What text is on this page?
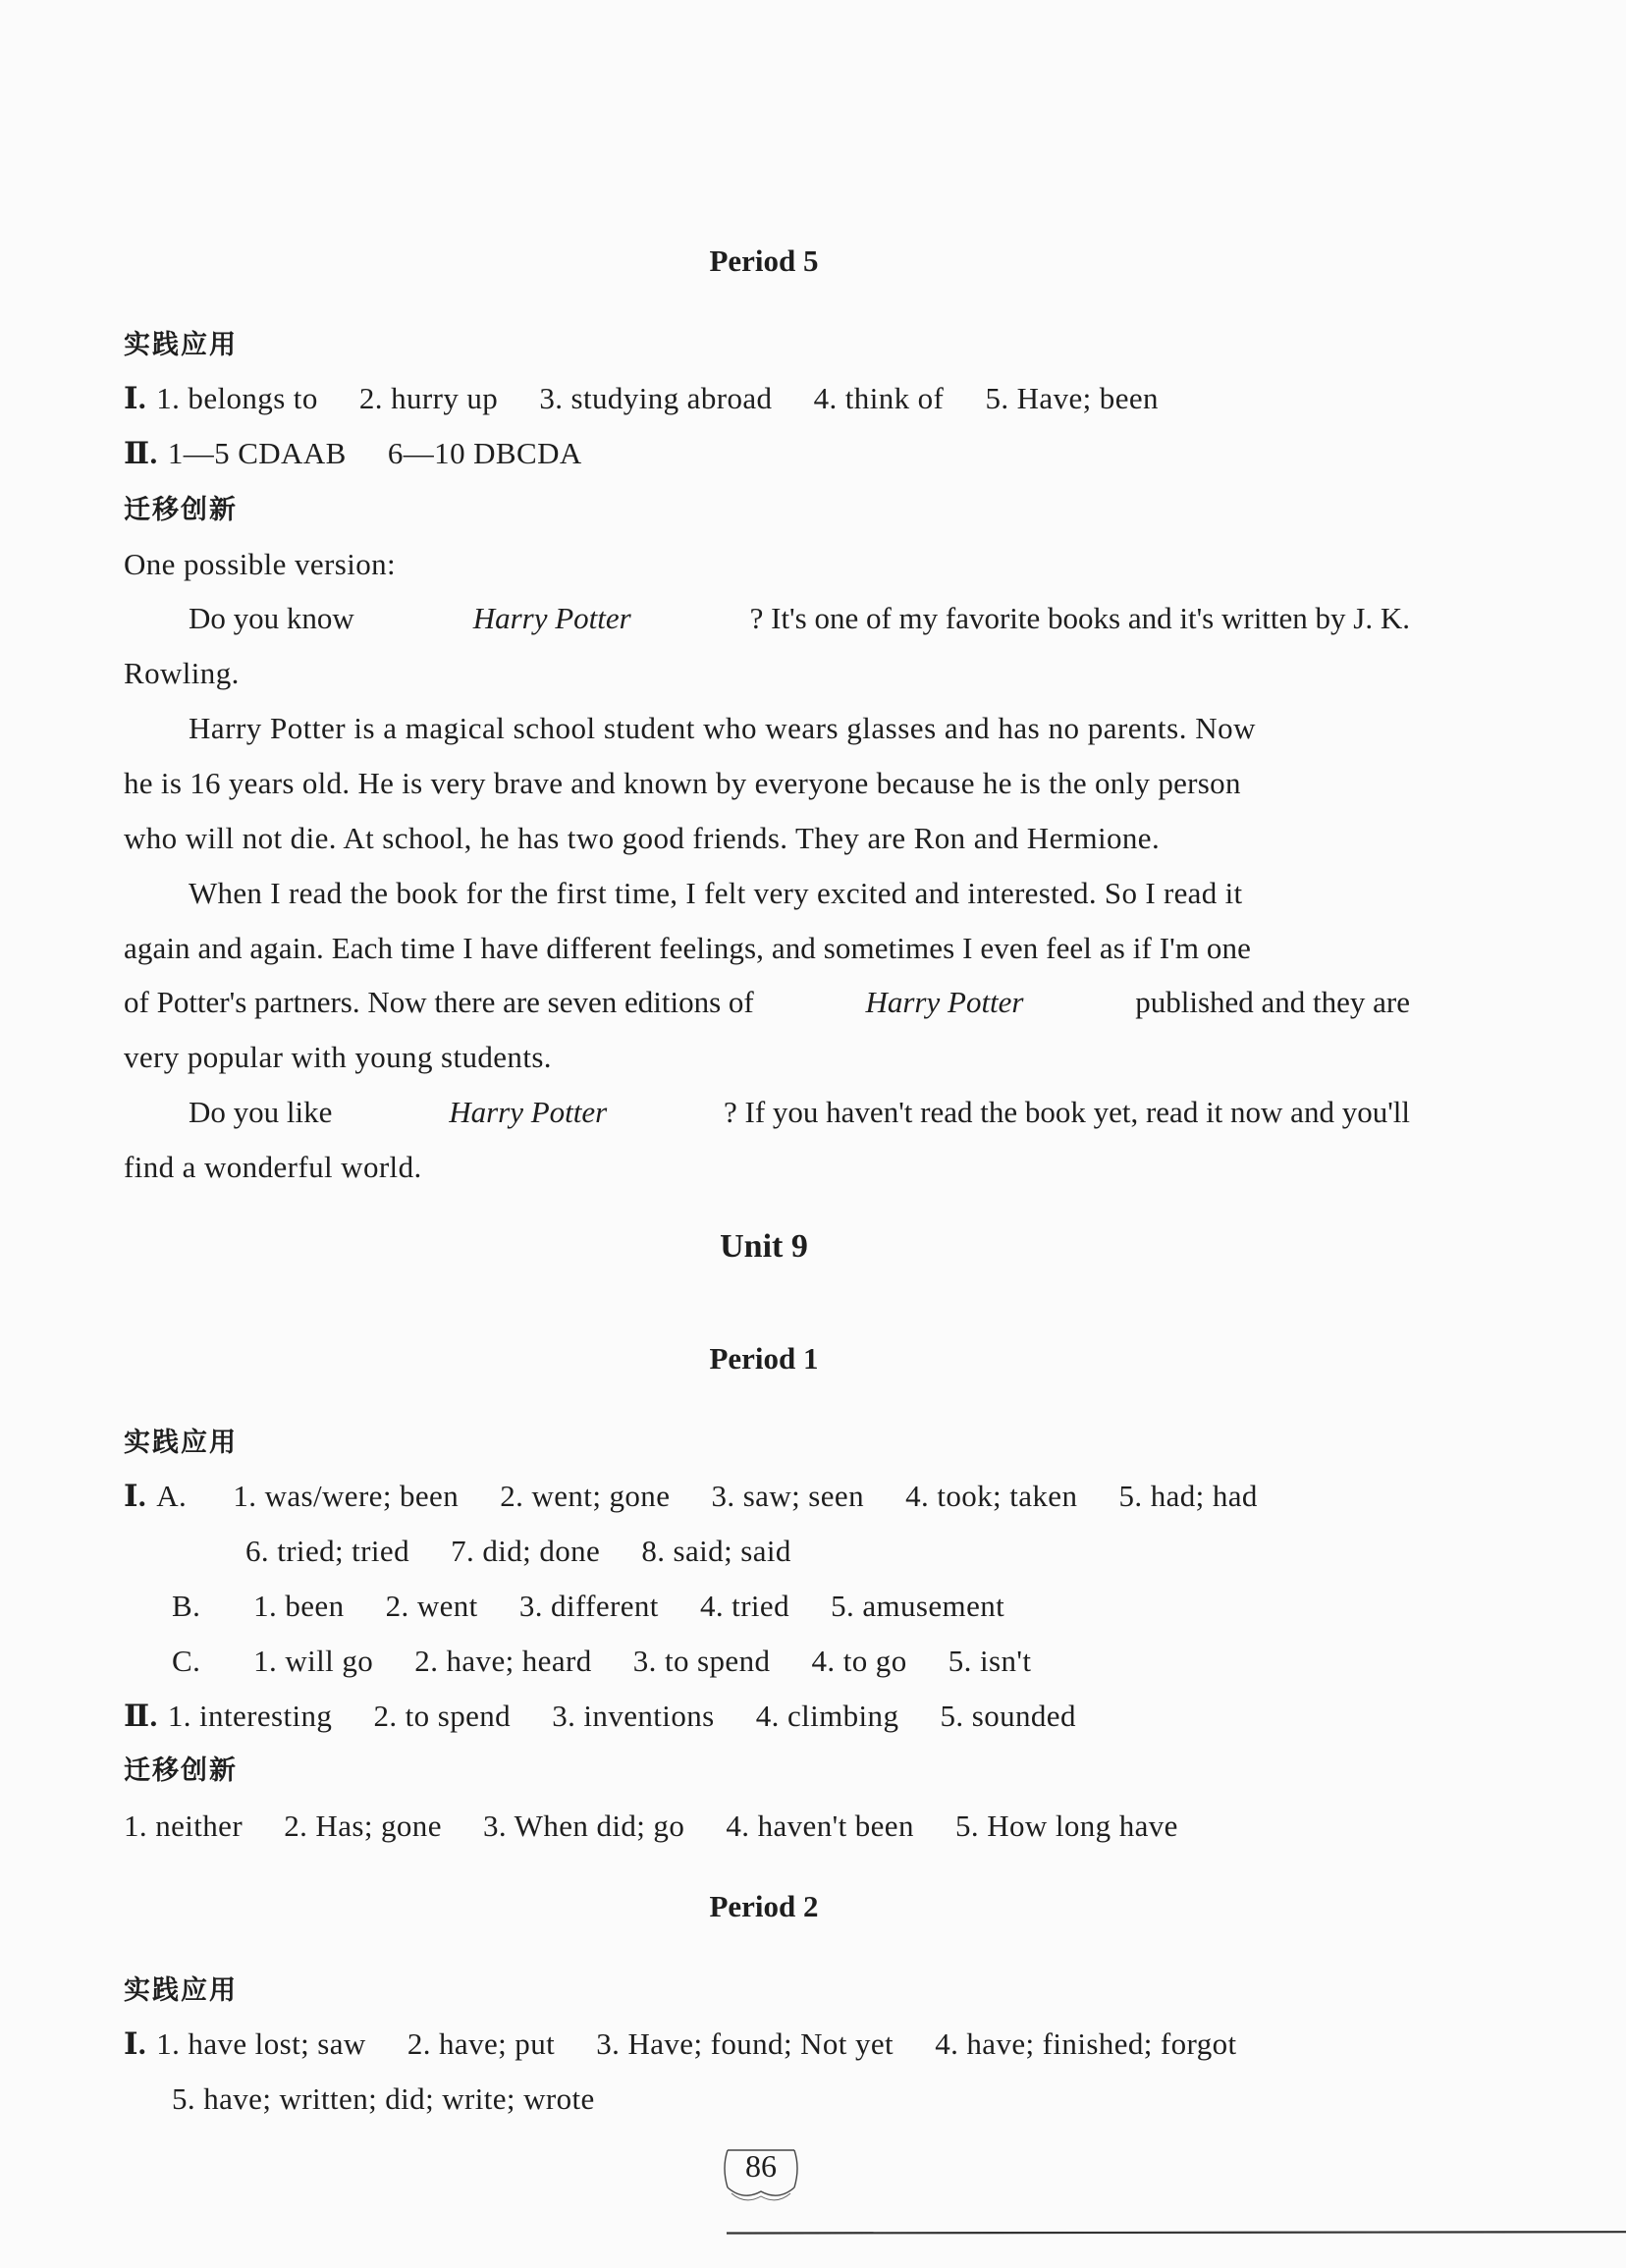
Period 5
实践应用
Ⅰ. 1. belongs to 2. hurry up 3. studying abroad 4. think of 5. Have; been
Ⅱ. 1—5 CDAAB 6—10 DBCDA
迁移创新
One possible version:
Do you know	Harry Potter	? It's one of my favorite books and it's written by J. K.
Rowling.
Harry Potter is a magical school student who wears glasses and has no parents. Now
he is 16 years old. He is very brave and known by everyone because he is the only person
who will not die. At school, he has two good friends. They are Ron and Hermione.
When I read the book for the first time, I felt very excited and interested. So I read it
again and again. Each time I have different feelings, and sometimes I even feel as if I'm one
of Potter's partners. Now there are seven editions of	Harry Potter	published and they are
very popular with young students.
Do you like	Harry Potter	? If you haven't read the book yet, read it now and you'll
find a wonderful world.
Unit 9
Period 1
实践应用
Ⅰ. A. 1. was/were; been 2. went; gone 3. saw; seen 4. took; taken 5. had; had
6. tried; tried 7. did; done 8. said; said
B. 1. been 2. went 3. different 4. tried 5. amusement
C. 1. will go 2. have; heard 3. to spend 4. to go 5. isn't
Ⅱ. 1. interesting 2. to spend 3. inventions 4. climbing 5. sounded
迁移创新
1. neither 2. Has; gone 3. When did; go 4. haven't been 5. How long have
Period 2
实践应用
Ⅰ. 1. have lost; saw 2. have; put 3. Have; found; Not yet 4. have; finished; forgot
5. have; written; did; write; wrote
86
